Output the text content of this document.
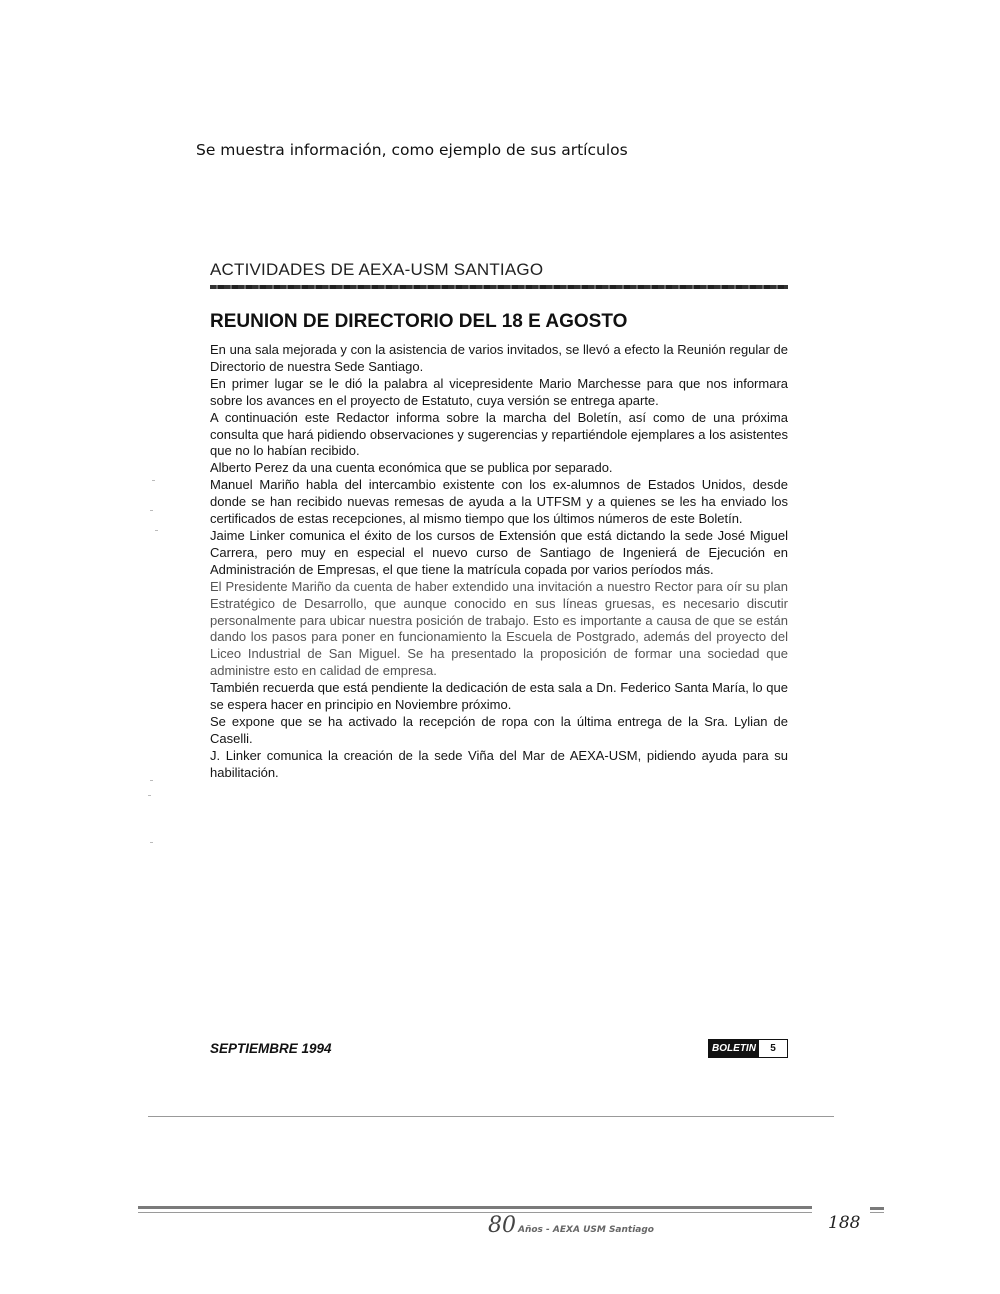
Se muestra información, como ejemplo de sus artículos
ACTIVIDADES DE AEXA-USM SANTIAGO
REUNION DE DIRECTORIO DEL 18 E AGOSTO

En una sala mejorada y con la asistencia de varios invitados, se llevó a efecto la Reunión regular de Directorio de nuestra Sede Santiago.

En primer lugar se le dió la palabra al vicepresidente Mario Marchesse para que nos informara sobre los avances en el proyecto de Estatuto, cuya versión se entrega aparte.

A continuación este Redactor informa sobre la marcha del Boletín, así como de una próxima consulta que hará pidiendo observaciones y sugerencias y repartiéndole ejemplares a los asistentes que no lo habían recibido.

Alberto Perez da una cuenta económica que se publica por separado.

Manuel Mariño habla del intercambio existente con los ex-alumnos de Estados Unidos, desde donde se han recibido nuevas remesas de ayuda a la UTFSM y a quienes se les ha enviado los certificados de estas recepciones, al mismo tiempo que los últimos números de este Boletín.

Jaime Linker comunica el éxito de los cursos de Extensión que está dictando la sede José Miguel Carrera, pero muy en especial el nuevo curso de Santiago de Ingenierá de Ejecución en Administración de Empresas, el que tiene la matrícula copada por varios períodos más.

El Presidente Mariño da cuenta de haber extendido una invitación a nuestro Rector para oír su plan Estratégico de Desarrollo, que aunque conocido en sus líneas gruesas, es necesario discutir personalmente para ubicar nuestra posición de trabajo. Esto es importante a causa de que se están dando los pasos para poner en funcionamiento la Escuela de Postgrado, además del proyecto del Liceo Industrial de San Miguel. Se ha presentado la proposición de formar una sociedad que administre esto en calidad de empresa.

También recuerda que está pendiente la dedicación de esta sala a Dn. Federico Santa María, lo que se espera hacer en principio en Noviembre próximo.

Se expone que se ha activado la recepción de ropa con la última entrega de la Sra. Lylian de Caselli.

J. Linker comunica la creación de la sede Viña del Mar de AEXA-USM, pidiendo ayuda para su habilitación.

SEPTIEMBRE 1994	BOLETIN	5
80 Años - AEXA USM Santiago	188
